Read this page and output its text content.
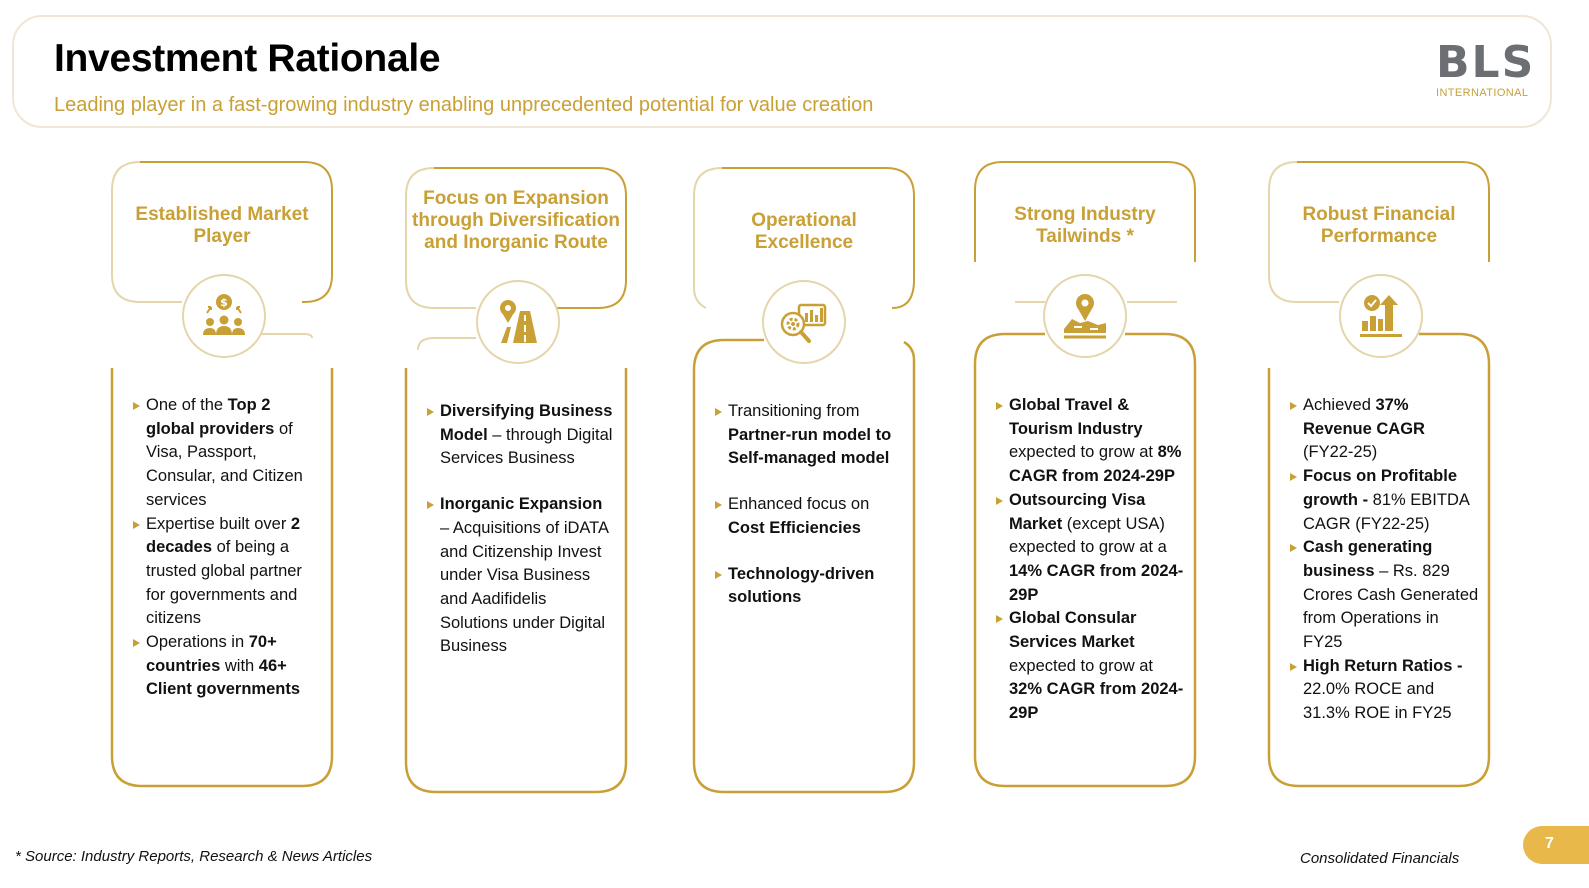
Investment Rationale
Leading player in a fast-growing industry enabling unprecedented potential for value creation
BLS
INTERNATIONAL
Established Market Player
$
One of the Top 2 global providers of Visa, Passport, Consular, and Citizen services
Expertise built over 2 decades of being a trusted global partner for governments and citizens
Operations in 70+ countries with 46+ Client governments
Focus on Expansion through Diversification and Inorganic Route
Diversifying Business Model – through Digital Services Business
Inorganic Expansion – Acquisitions of iDATA and Citizenship Invest under Visa Business and Aadifidelis Solutions under Digital Business
Operational Excellence
Transitioning from Partner-run model to Self-managed model
Enhanced focus on Cost Efficiencies
Technology-driven solutions
Strong Industry Tailwinds *
Global Travel & Tourism Industry expected to grow at 8% CAGR from 2024-29P
Outsourcing Visa Market (except USA) expected to grow at a 14% CAGR from 2024-29P
Global Consular Services Market expected to grow at 32% CAGR from 2024-29P
Robust Financial Performance
Achieved 37% Revenue CAGR (FY22-25)
Focus on Profitable growth - 81% EBITDA CAGR (FY22-25)
Cash generating business – Rs. 829 Crores Cash Generated from Operations in FY25
High Return Ratios - 22.0% ROCE and 31.3% ROE in FY25
* Source: Industry Reports, Research & News Articles	Consolidated Financials
7
